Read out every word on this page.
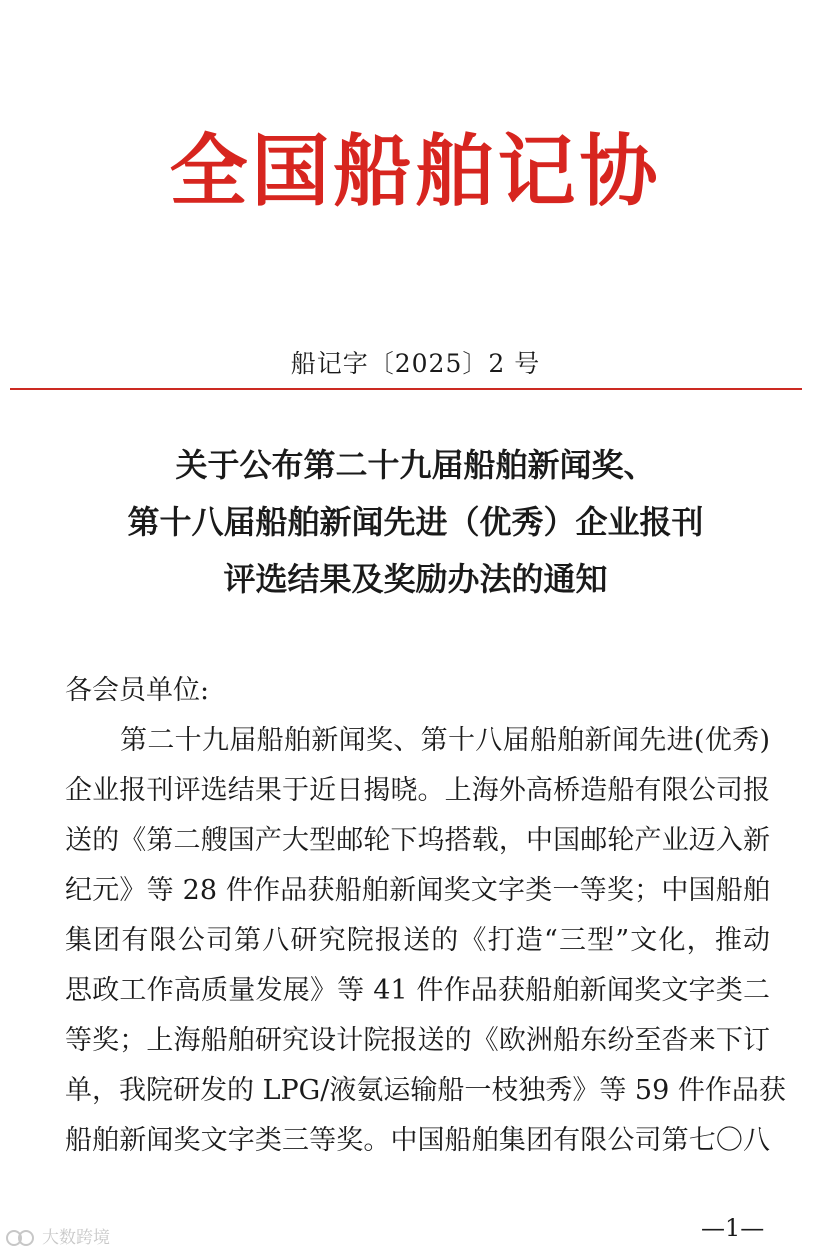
全国船舶记协
船记字〔2025〕2 号
关于公布第二十九届船舶新闻奖、
第十八届船舶新闻先进（优秀）企业报刊
评选结果及奖励办法的通知
各会员单位:
第二十九届船舶新闻奖、第十八届船舶新闻先进(优秀)
企业报刊评选结果于近日揭晓。上海外高桥造船有限公司报
送的《第二艘国产大型邮轮下坞搭载，中国邮轮产业迈入新
纪元》等 28 件作品获船舶新闻奖文字类一等奖；中国船舶
集团有限公司第八研究院报送的《打造“三型”文化，推动
思政工作高质量发展》等 41 件作品获船舶新闻奖文字类二
等奖；上海船舶研究设计院报送的《欧洲船东纷至沓来下订
单，我院研发的 LPG/液氨运输船一枝独秀》等 59 件作品获
船舶新闻奖文字类三等奖。中国船舶集团有限公司第七〇八
—1—
大数跨境
